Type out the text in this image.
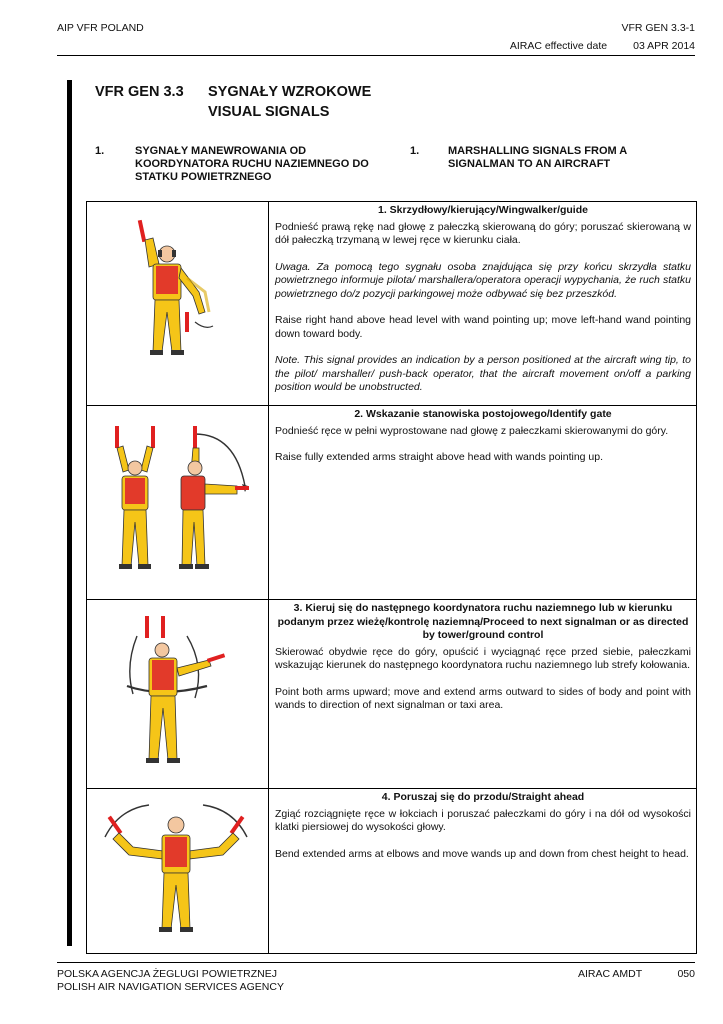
AIP VFR POLAND	VFR GEN 3.3-1
AIRAC effective date 03 APR 2014
VFR GEN 3.3 SYGNAŁY WZROKOWE
VISUAL SIGNALS
1.	SYGNAŁY MANEWROWANIA OD KOORDYNATORA RUCHU NAZIEMNEGO DO STATKU POWIETRZNEGO
1.	MARSHALLING SIGNALS FROM A SIGNALMAN TO AN AIRCRAFT

1. Skrzydłowy/kierujący/Wingwalker/guide

Podnieść prawą rękę nad głowę z pałeczką skierowaną do góry; poruszać skierowaną w dół pałeczką trzymaną w lewej ręce w kierunku ciała.

Uwaga. Za pomocą tego sygnału osoba znajdująca się przy końcu skrzydła statku powietrznego informuje pilota/ marshallera/operatora operacji wypychania, że ruch statku powietrznego do/z pozycji parkingowej może odbywać się bez przeszkód.

Raise right hand above head level with wand pointing up; move left-hand wand pointing down toward body.

Note. This signal provides an indication by a person positioned at the aircraft wing tip, to the pilot/ marshaller/ push-back operator, that the aircraft movement on/off a parking position would be unobstructed.

2. Wskazanie stanowiska postojowego/Identify gate

Podnieść ręce w pełni wyprostowane nad głowę z pałeczkami skierowanymi do góry.

Raise fully extended arms straight above head with wands pointing up.

3. Kieruj się do następnego koordynatora ruchu naziemnego lub w kierunku podanym przez wieżę/kontrolę naziemną/Proceed to next signalman or as directed by tower/ground control

Skierować obydwie ręce do góry, opuścić i wyciągnąć ręce przed siebie, pałeczkami wskazując kierunek do następnego koordynatora ruchu naziemnego lub strefy kołowania.

Point both arms upward; move and extend arms outward to sides of body and point with wands to direction of next signalman or taxi area.

4. Poruszaj się do przodu/Straight ahead

Zgiąć rozciągnięte ręce w łokciach i poruszać pałeczkami do góry i na dół od wysokości klatki piersiowej do wysokości głowy.

Bend extended arms at elbows and move wands up and down from chest height to head.

POLSKA AGENCJA ŻEGLUGI POWIETRZNEJ
POLISH AIR NAVIGATION SERVICES AGENCY
AIRAC AMDT	050
